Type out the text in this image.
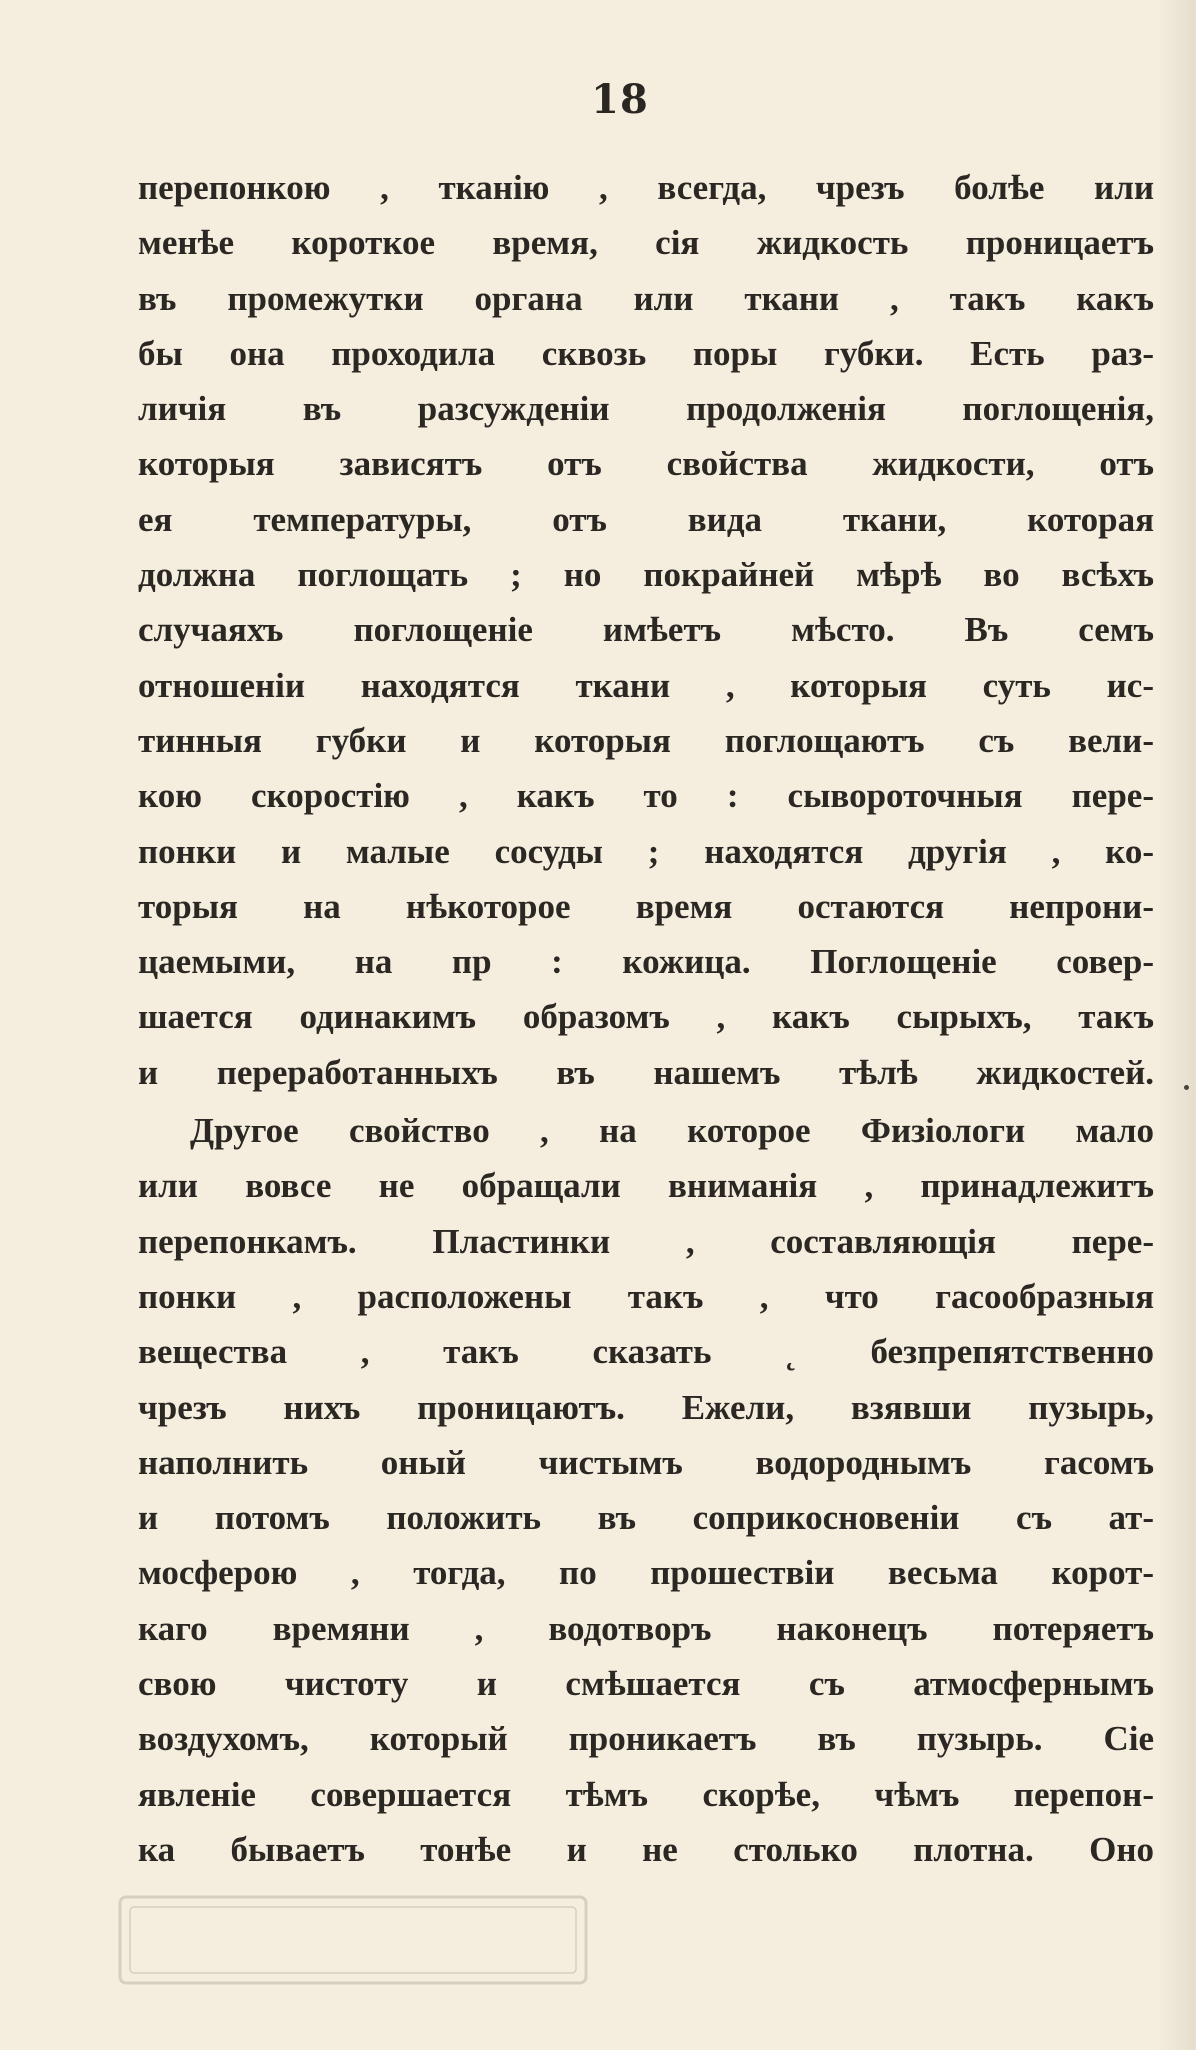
18
перепонкою , тканію , всегда, чрезъ болѣе или
менѣе короткое время, сія жидкость проницаетъ
въ промежутки органа или ткани , такъ какъ
бы она проходила сквозь поры губки. Есть раз-
личія въ разсужденіи продолженія поглощенія,
которыя зависятъ отъ свойства жидкости, отъ
ея температуры, отъ вида ткани, которая
должна поглощать ; но покрайней мѣрѣ во всѣхъ
случаяхъ поглощеніе имѣетъ мѣсто. Въ семъ
отношеніи находятся ткани , которыя суть ис-
тинныя губки и которыя поглощаютъ съ вели-
кою скоростію , какъ то : сывороточныя пере-
понки и малые сосуды ; находятся другія , ко-
торыя на нѣкоторое время остаются непрони-
цаемыми, на пр : кожица. Поглощеніе совер-
шается одинакимъ образомъ , какъ сырыхъ, такъ
и переработанныхъ въ нашемъ тѣлѣ жидкостей.
Другое свойство , на которое Физіологи мало
или вовсе не обращали вниманія , принадлежитъ
перепонкамъ. Пластинки , составляющія пере-
понки , расположены такъ , что гасообразныя
вещества , такъ сказать ˛ безпрепятственно
чрезъ нихъ проницаютъ. Ежели, взявши пузырь,
наполнить оный чистымъ водороднымъ гасомъ
и потомъ положить въ соприкосновеніи съ ат-
мосферою , тогда, по прошествіи весьма корот-
каго времяни , водотворъ наконецъ потеряетъ
свою чистоту и смѣшается съ атмосфернымъ
воздухомъ, который проникаетъ въ пузырь. Сіе
явленіе совершается тѣмъ скорѣе, чѣмъ перепон-
ка бываетъ тонѣе и не столько плотна. Оно
